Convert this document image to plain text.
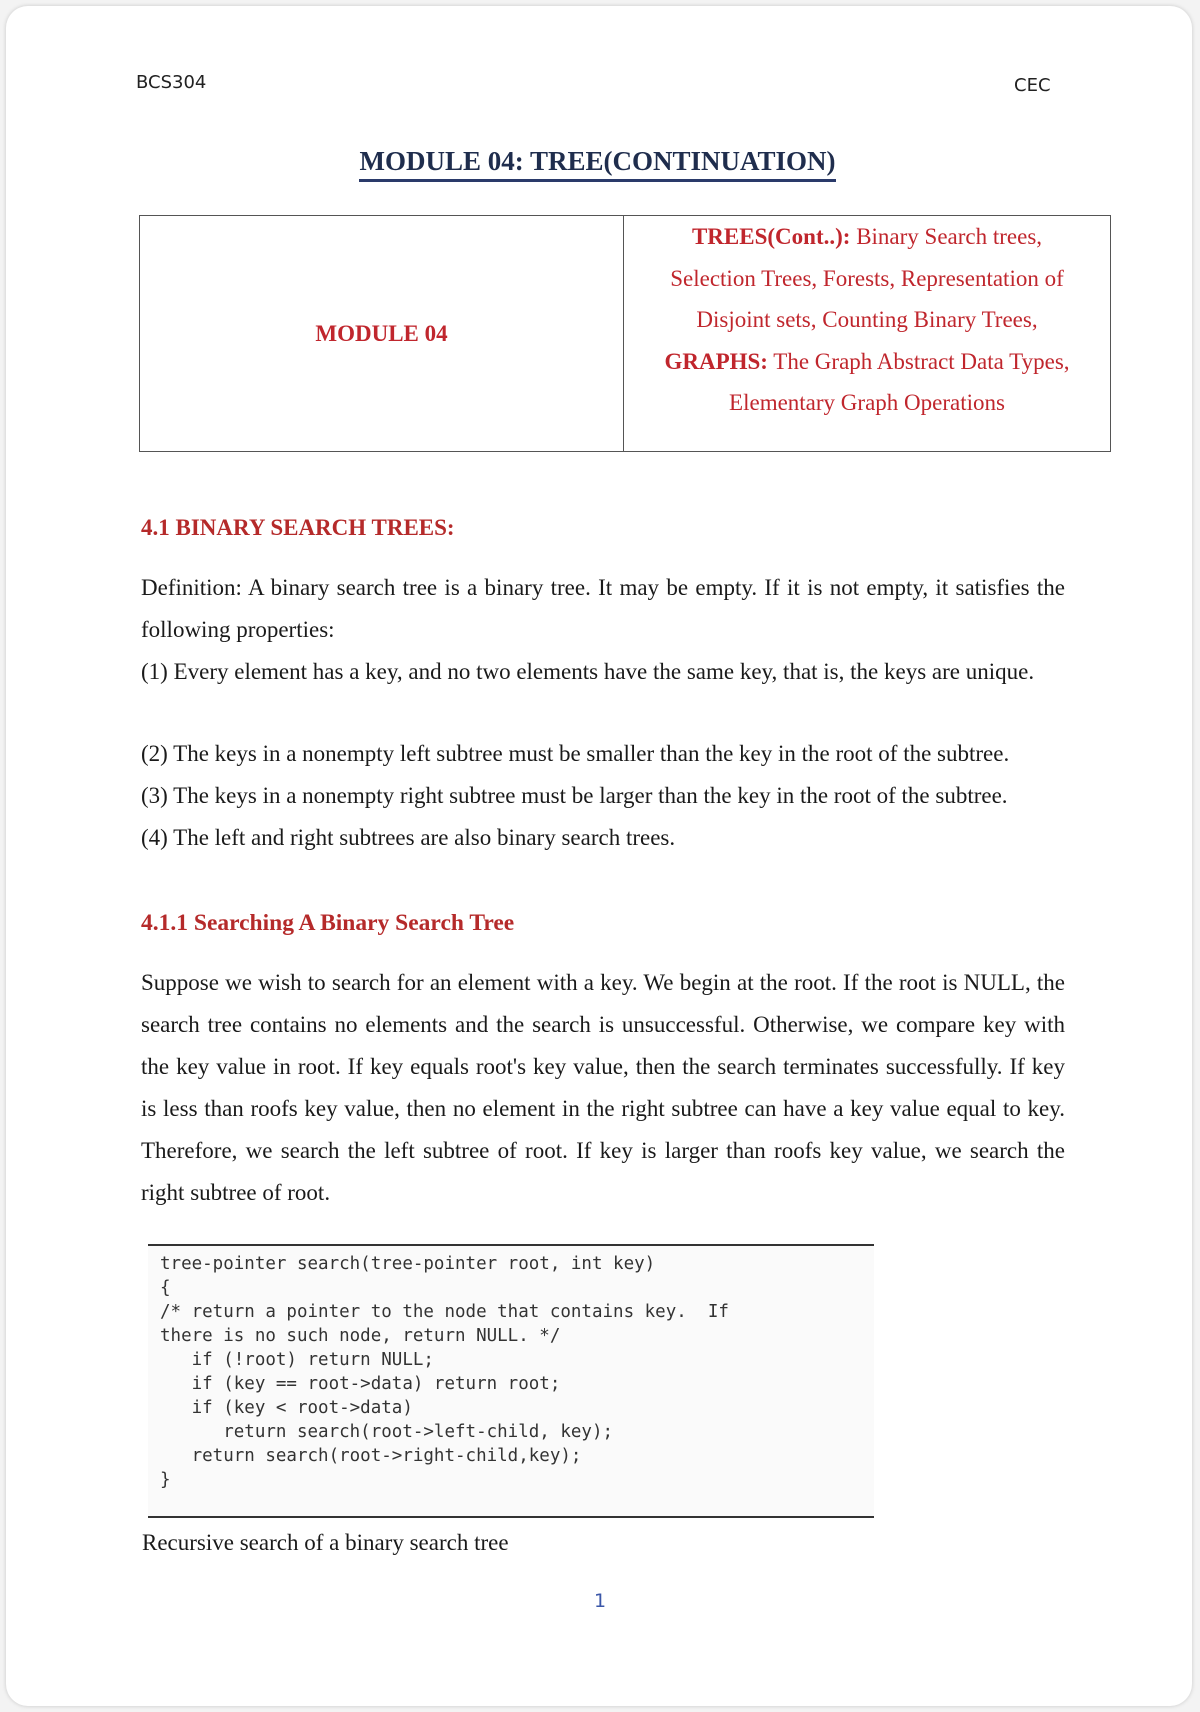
BCS304	CEC
MODULE 04: TREE(CONTINUATION)
MODULE 04
TREES(Cont..): Binary Search trees,
Selection Trees, Forests, Representation of
Disjoint sets, Counting Binary Trees,
GRAPHS: The Graph Abstract Data Types,
Elementary Graph Operations
4.1 BINARY SEARCH TREES:
Definition: A binary search tree is a binary tree. It may be empty. If it is not empty, it satisfies the following properties:
(1) Every element has a key, and no two elements have the same key, that is, the keys are unique.
(2) The keys in a nonempty left subtree must be smaller than the key in the root of the subtree.
(3) The keys in a nonempty right subtree must be larger than the key in the root of the subtree.
(4) The left and right subtrees are also binary search trees.
4.1.1 Searching A Binary Search Tree
Suppose we wish to search for an element with a key. We begin at the root. If the root is NULL, the search tree contains no elements and the search is unsuccessful. Otherwise, we compare key with the key value in root. If key equals root's key value, then the search terminates successfully. If key is less than roofs key value, then no element in the right subtree can have a key value equal to key. Therefore, we search the left subtree of root. If key is larger than roofs key value, we search the right subtree of root.
tree-pointer search(tree-pointer root, int key)
{
/* return a pointer to the node that contains key.  If
there is no such node, return NULL. */
if (!root) return NULL;
if (key == root->data) return root;
if (key < root->data)
return search(root->left-child, key);
return search(root->right-child,key);
}
Recursive search of a binary search tree
1
